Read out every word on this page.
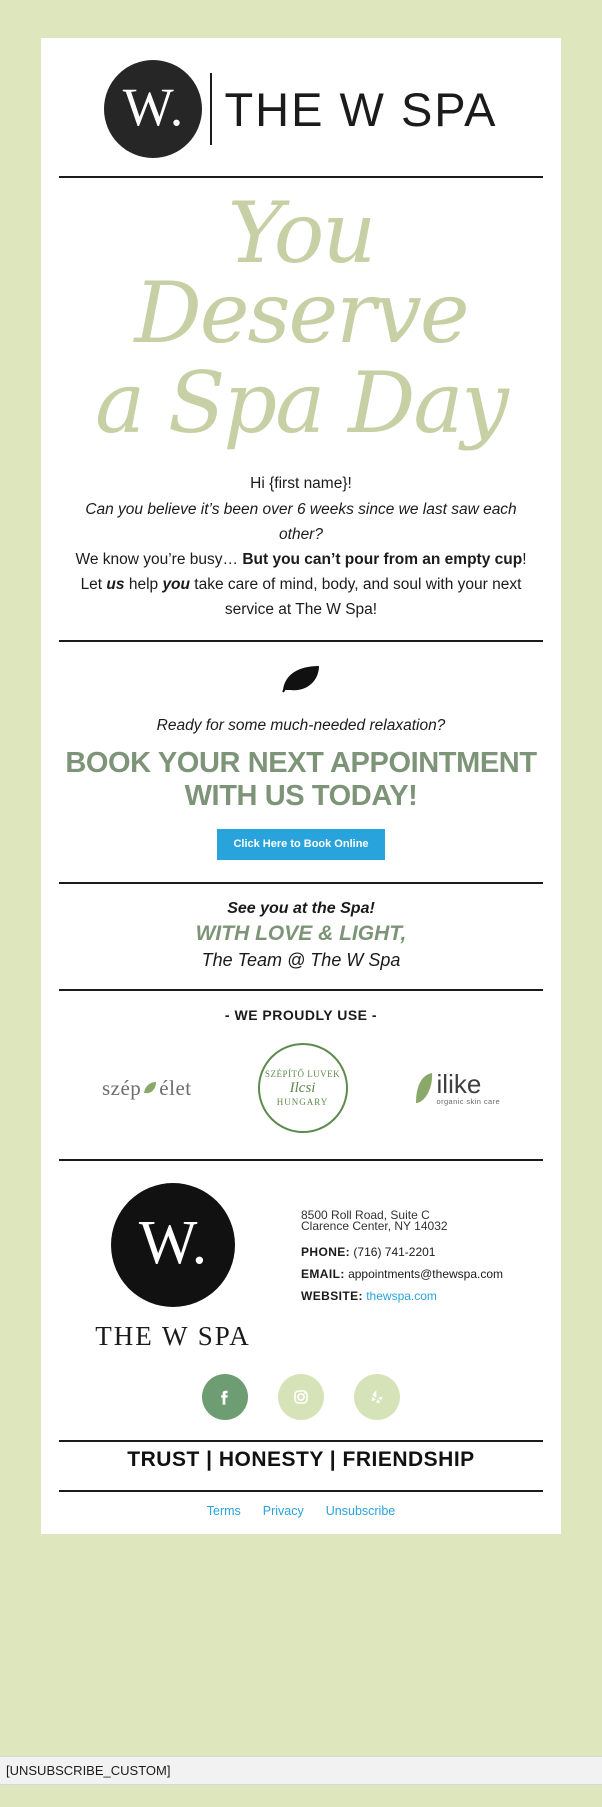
W. THE W SPA
You Deserve
a Spa Day
Hi {first name}!
Can you believe it’s been over 6 weeks since we last saw each other?
We know you’re busy… But you can’t pour from an empty cup!
Let us help you take care of mind, body, and soul with your next
service at The W Spa!
Ready for some much-needed relaxation?
BOOK YOUR NEXT APPOINTMENT
WITH US TODAY!
Click Here to Book Online
See you at the Spa!
WITH LOVE & LIGHT,
The Team @ The W Spa
- WE PROUDLY USE -
szép élet
SZÉPÍTŐ LUVEK
Ilcsi
HUNGARY
ilike
organic skin care
W.
THE W SPA
8500 Roll Road, Suite C
Clarence Center, NY 14032
PHONE: (716) 741-2201
EMAIL: appointments@thewspa.com
WEBSITE: thewspa.com
TRUST | HONESTY | FRIENDSHIP
Terms Privacy Unsubscribe
[UNSUBSCRIBE_CUSTOM]
